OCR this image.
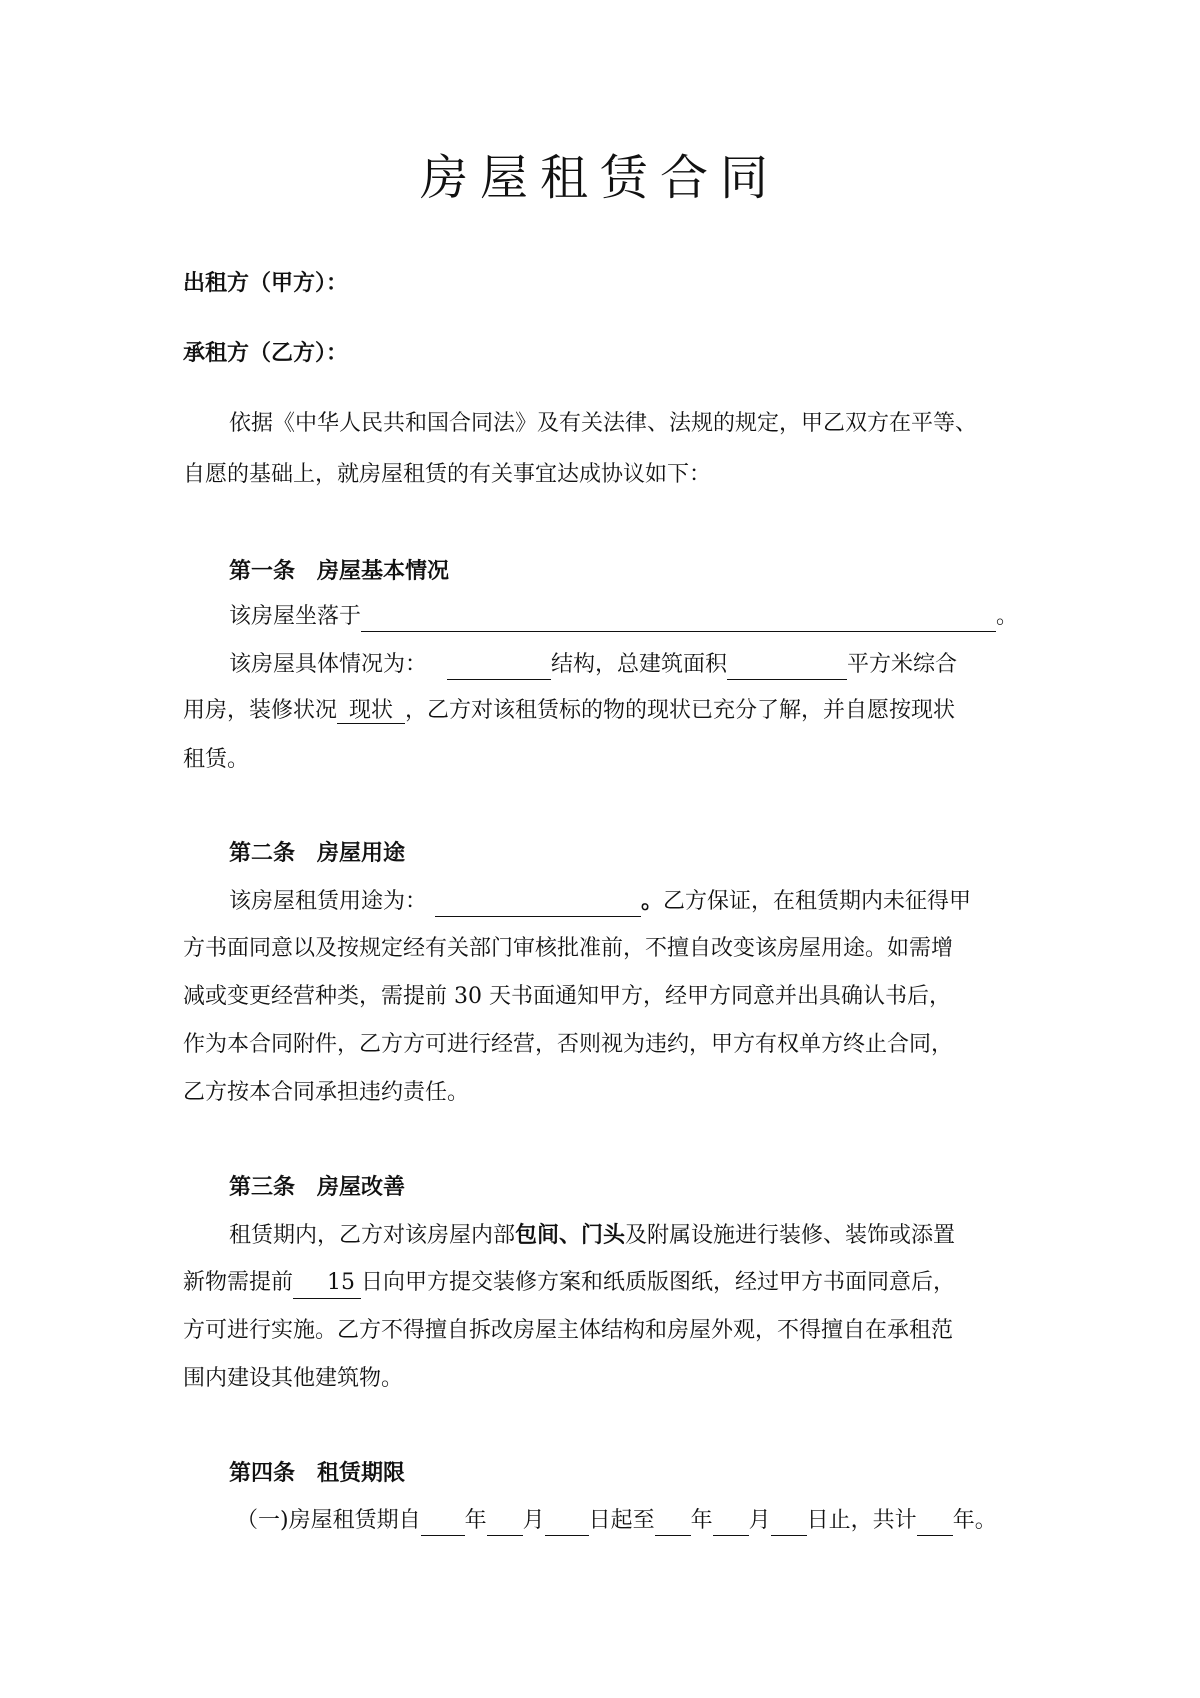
房屋租赁合同
出租方（甲方）：
承租方（乙方）：
依据《中华人民共和国合同法》及有关法律、法规的规定，甲乙双方在平等、
自愿的基础上，就房屋租赁的有关事宜达成协议如下：
第一条　房屋基本情况
该房屋坐落于	。
该房屋具体情况为：	结构，总建筑面积	平方米综合
用房，装修状况 现状 ，乙方对该租赁标的物的现状已充分了解，并自愿按现状
租赁。
第二条　房屋用途
该房屋租赁用途为：	。乙方保证，在租赁期内未征得甲
方书面同意以及按规定经有关部门审核批准前，不擅自改变该房屋用途。如需增
减或变更经营种类，需提前 30 天书面通知甲方，经甲方同意并出具确认书后，
作为本合同附件，乙方方可进行经营，否则视为违约，甲方有权单方终止合同，
乙方按本合同承担违约责任。
第三条　房屋改善
租赁期内，乙方对该房屋内部包间、门头及附属设施进行装修、装饰或添置
新物需提前 15 日向甲方提交装修方案和纸质版图纸，经过甲方书面同意后，
方可进行实施。乙方不得擅自拆改房屋主体结构和房屋外观，不得擅自在承租范
围内建设其他建筑物。
第四条　租赁期限
（一)房屋租赁期自 年 月 日起至 年 月 日止，共计 年。
